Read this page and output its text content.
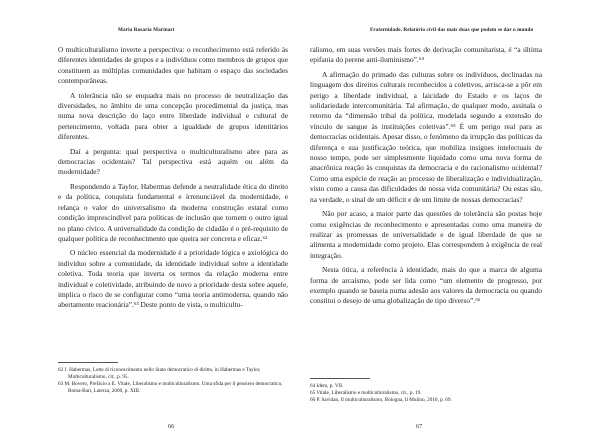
Maria Rosaria Marinari

O multiculturalismo inverte a perspectiva: o reconhecimento está referido às diferentes identidades de grupos e a indivíduos como membros de grupos que constituem as múltiplas comunidades que habitam o espaço das sociedades contemporâneas.

A tolerância não se enquadra mais no processo de neutralização das diversidades, no âmbito de uma concepção procedimental da justiça, mas numa nova descrição do laço entre liberdade individual e cultural de pertencimento, voltada para obter a igualdade de grupos identitários diferentes.

Daí a pergunta: qual perspectiva o multiculturalismo abre para as democracias ocidentais? Tal perspectiva está aquém ou além da modernidade?

Respondendo a Taylor, Habermas defende a neutralidade ética do direito e da política, conquista fundamental e irrenunciável da modernidade, e relança o valor do universalismo da moderna construção estatal como condição imprescindível para políticas de inclusão que tornem o outro igual no plano cívico. A universalidade da condição de cidadão é o pré-requisito de qualquer política de reconhecimento que queira ser concreta e eficaz.⁶²

O núcleo essencial da modernidade é a prioridade lógica e axiológica do indivíduo sobre a comunidade, da identidade individual sobre a identidade coletiva. Toda teoria que inverta os termos da relação moderna entre individual e coletividade, atribuindo de novo a prioridade desta sobre aquele, implica o risco de se configurar como “uma teoria antimoderna, quando não abertamente reacionária”.⁶³ Deste ponto de vista, o multicultu-

62 J. Habermas, Lotte di riconoscimento nello Stato democratico di diritto, in Habermas e Taylor, Multiculturalismo, cit., p. 95.
63 M. Bovero, Prefácio a E. Vitale, Liberalismo e multiculturalismo. Uma sfida per il pensiero democratico, Roma-Bari, Laterza, 2000, p. XIII.
66
Fraternidade. Relatório civil das mais duas que podem se dar o mundo

ralismo, em suas versões mais fortes de derivação comunitarista, é “a última epifania do perene anti-iluminismo”.⁶⁴

A afirmação do primado das culturas sobre os indivíduos, declinadas na linguagem dos direitos culturais reconhecidos a coletivos, arrisca-se a pôr em perigo a liberdade individual, a laicidade do Estado e os laços de solidariedade intercomunitária. Tal afirmação, de qualquer modo, assinala o retorno da “dimensão tribal da política, modelada segundo a extensão do vínculo de sangue às instituições coletivas”.⁶⁵ É um perigo real para as democracias ocidentais. Apesar disso, o fenômeno da irrupção das políticas da diferença e sua justificação teórica, que mobiliza insignes intelectuais de nosso tempo, pode ser simplesmente liquidado como uma nova forma de anacrônica reação às conquistas da democracia e do racionalismo ocidental? Como uma espécie de reação ao processo de liberalização e individualização, visto como a causa das dificuldades de nossa vida comunitária? Ou estas são, na verdade, o sinal de um déficit e de um limite de nossas democracias?

Não por acaso, a maior parte das questões de tolerância são postas hoje como exigências de reconhecimento e apresentadas como uma maneira de realizar as promessas de universalidade e de igual liberdade de que se alimenta a modernidade como projeto. Elas correspondem à exigência de real integração.

Nesta ótica, a referência à identidade, mais do que a marca de alguma forma de arcaísmo, pode ser lida como “um elemento de progresso, por exemplo quando se baseia numa adesão aos valores da democracia ou quando constitui o desejo de uma globalização de tipo diverso”.⁶⁶

64 Idem, p. VII.
65 Vitale, Liberalismo e multiculturalismo, cit., p. 19.
66 P. Savidan, Il multiculturalismo, Bologna, Il Mulino, 2010, p. 69.
67
